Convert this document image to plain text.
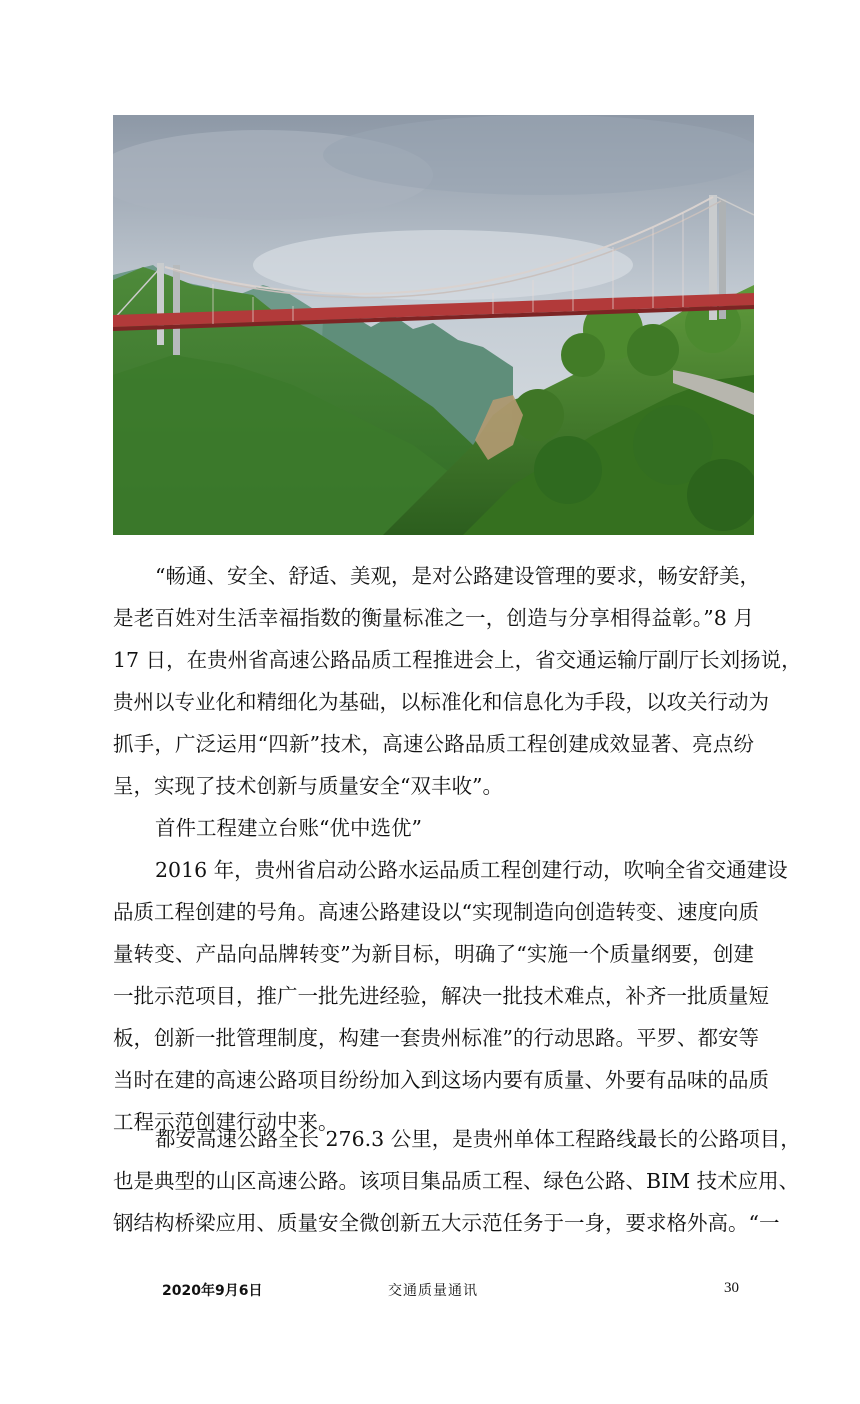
“畅通、安全、舒适、美观，是对公路建设管理的要求，畅安舒美，
是老百姓对生活幸福指数的衡量标准之一，创造与分享相得益彰。”8 月
17 日，在贵州省高速公路品质工程推进会上，省交通运输厅副厅长刘扬说，
贵州以专业化和精细化为基础，以标准化和信息化为手段，以攻关行动为
抓手，广泛运用“四新”技术，高速公路品质工程创建成效显著、亮点纷
呈，实现了技术创新与质量安全“双丰收”。
首件工程建立台账“优中选优”
2016 年，贵州省启动公路水运品质工程创建行动，吹响全省交通建设
品质工程创建的号角。高速公路建设以“实现制造向创造转变、速度向质
量转变、产品向品牌转变”为新目标，明确了“实施一个质量纲要，创建
一批示范项目，推广一批先进经验，解决一批技术难点，补齐一批质量短
板，创新一批管理制度，构建一套贵州标准”的行动思路。平罗、都安等
当时在建的高速公路项目纷纷加入到这场内要有质量、外要有品味的品质
工程示范创建行动中来。
都安高速公路全长 276.3 公里，是贵州单体工程路线最长的公路项目，
也是典型的山区高速公路。该项目集品质工程、绿色公路、BIM 技术应用、
钢结构桥梁应用、质量安全微创新五大示范任务于一身，要求格外高。“一
2020年9月6日	交通质量通讯	30
